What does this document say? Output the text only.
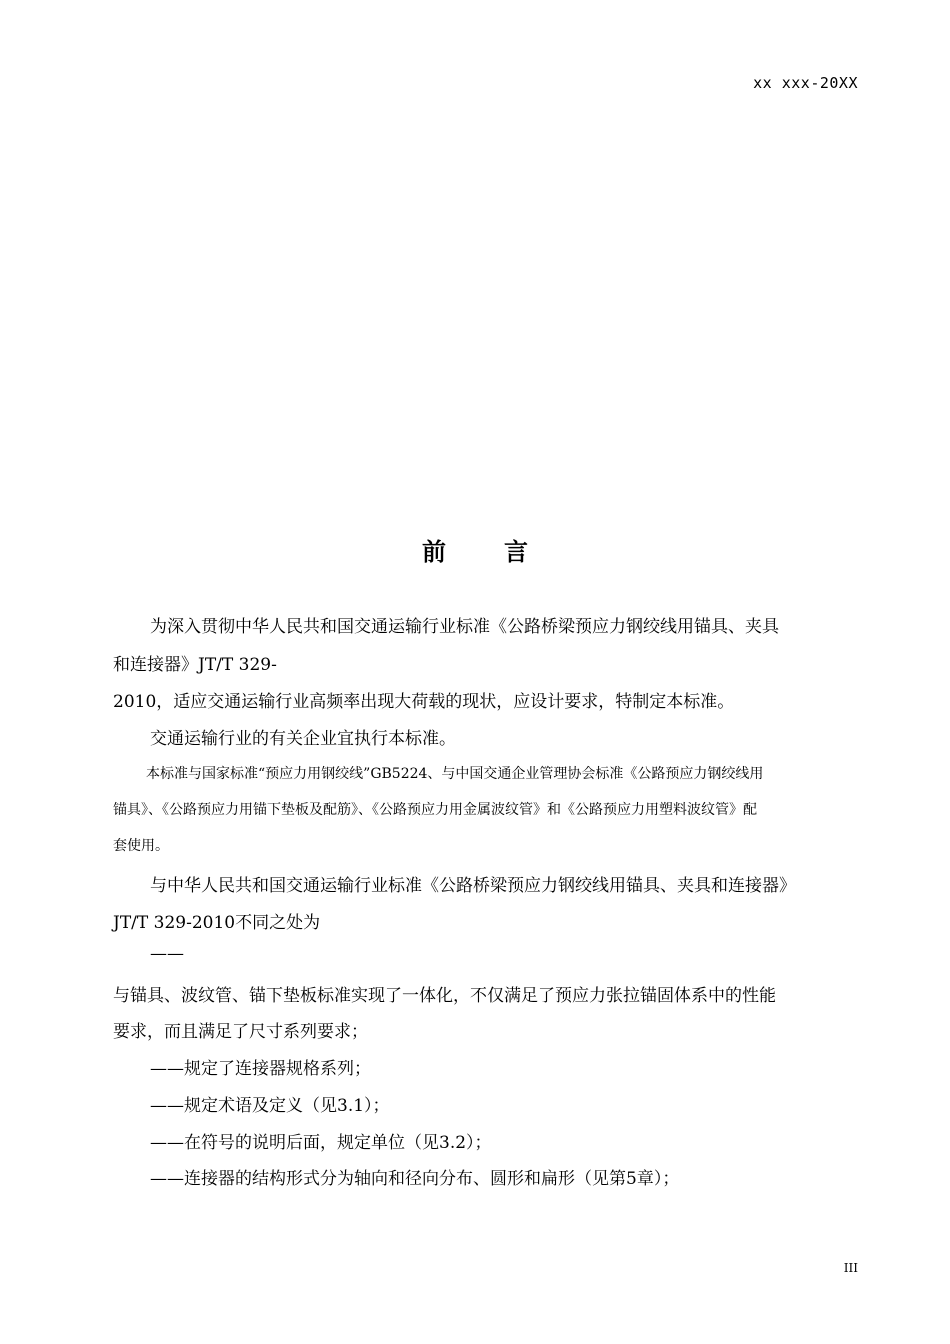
xx xxx-20XX
前 言
为深入贯彻中华人民共和国交通运输行业标准《公路桥梁预应力钢绞线用锚具、夹具
和连接器》JT/T 329-
2010，适应交通运输行业高频率出现大荷载的现状，应设计要求，特制定本标准。
交通运输行业的有关企业宜执行本标准。
本标准与国家标准“预应力用钢绞线”GB5224、与中国交通企业管理协会标准《公路预应力钢绞线用
锚具》、《公路预应力用锚下垫板及配筋》、《公路预应力用金属波纹管》和《公路预应力用塑料波纹管》配
套使用。
与中华人民共和国交通运输行业标准《公路桥梁预应力钢绞线用锚具、夹具和连接器》
JT/T 329-2010不同之处为
——
与锚具、波纹管、锚下垫板标准实现了一体化，不仅满足了预应力张拉锚固体系中的性能
要求，而且满足了尺寸系列要求；
——规定了连接器规格系列；
——规定术语及定义（见3.1）；
——在符号的说明后面，规定单位（见3.2）；
——连接器的结构形式分为轴向和径向分布、圆形和扁形（见第5章）；
III
